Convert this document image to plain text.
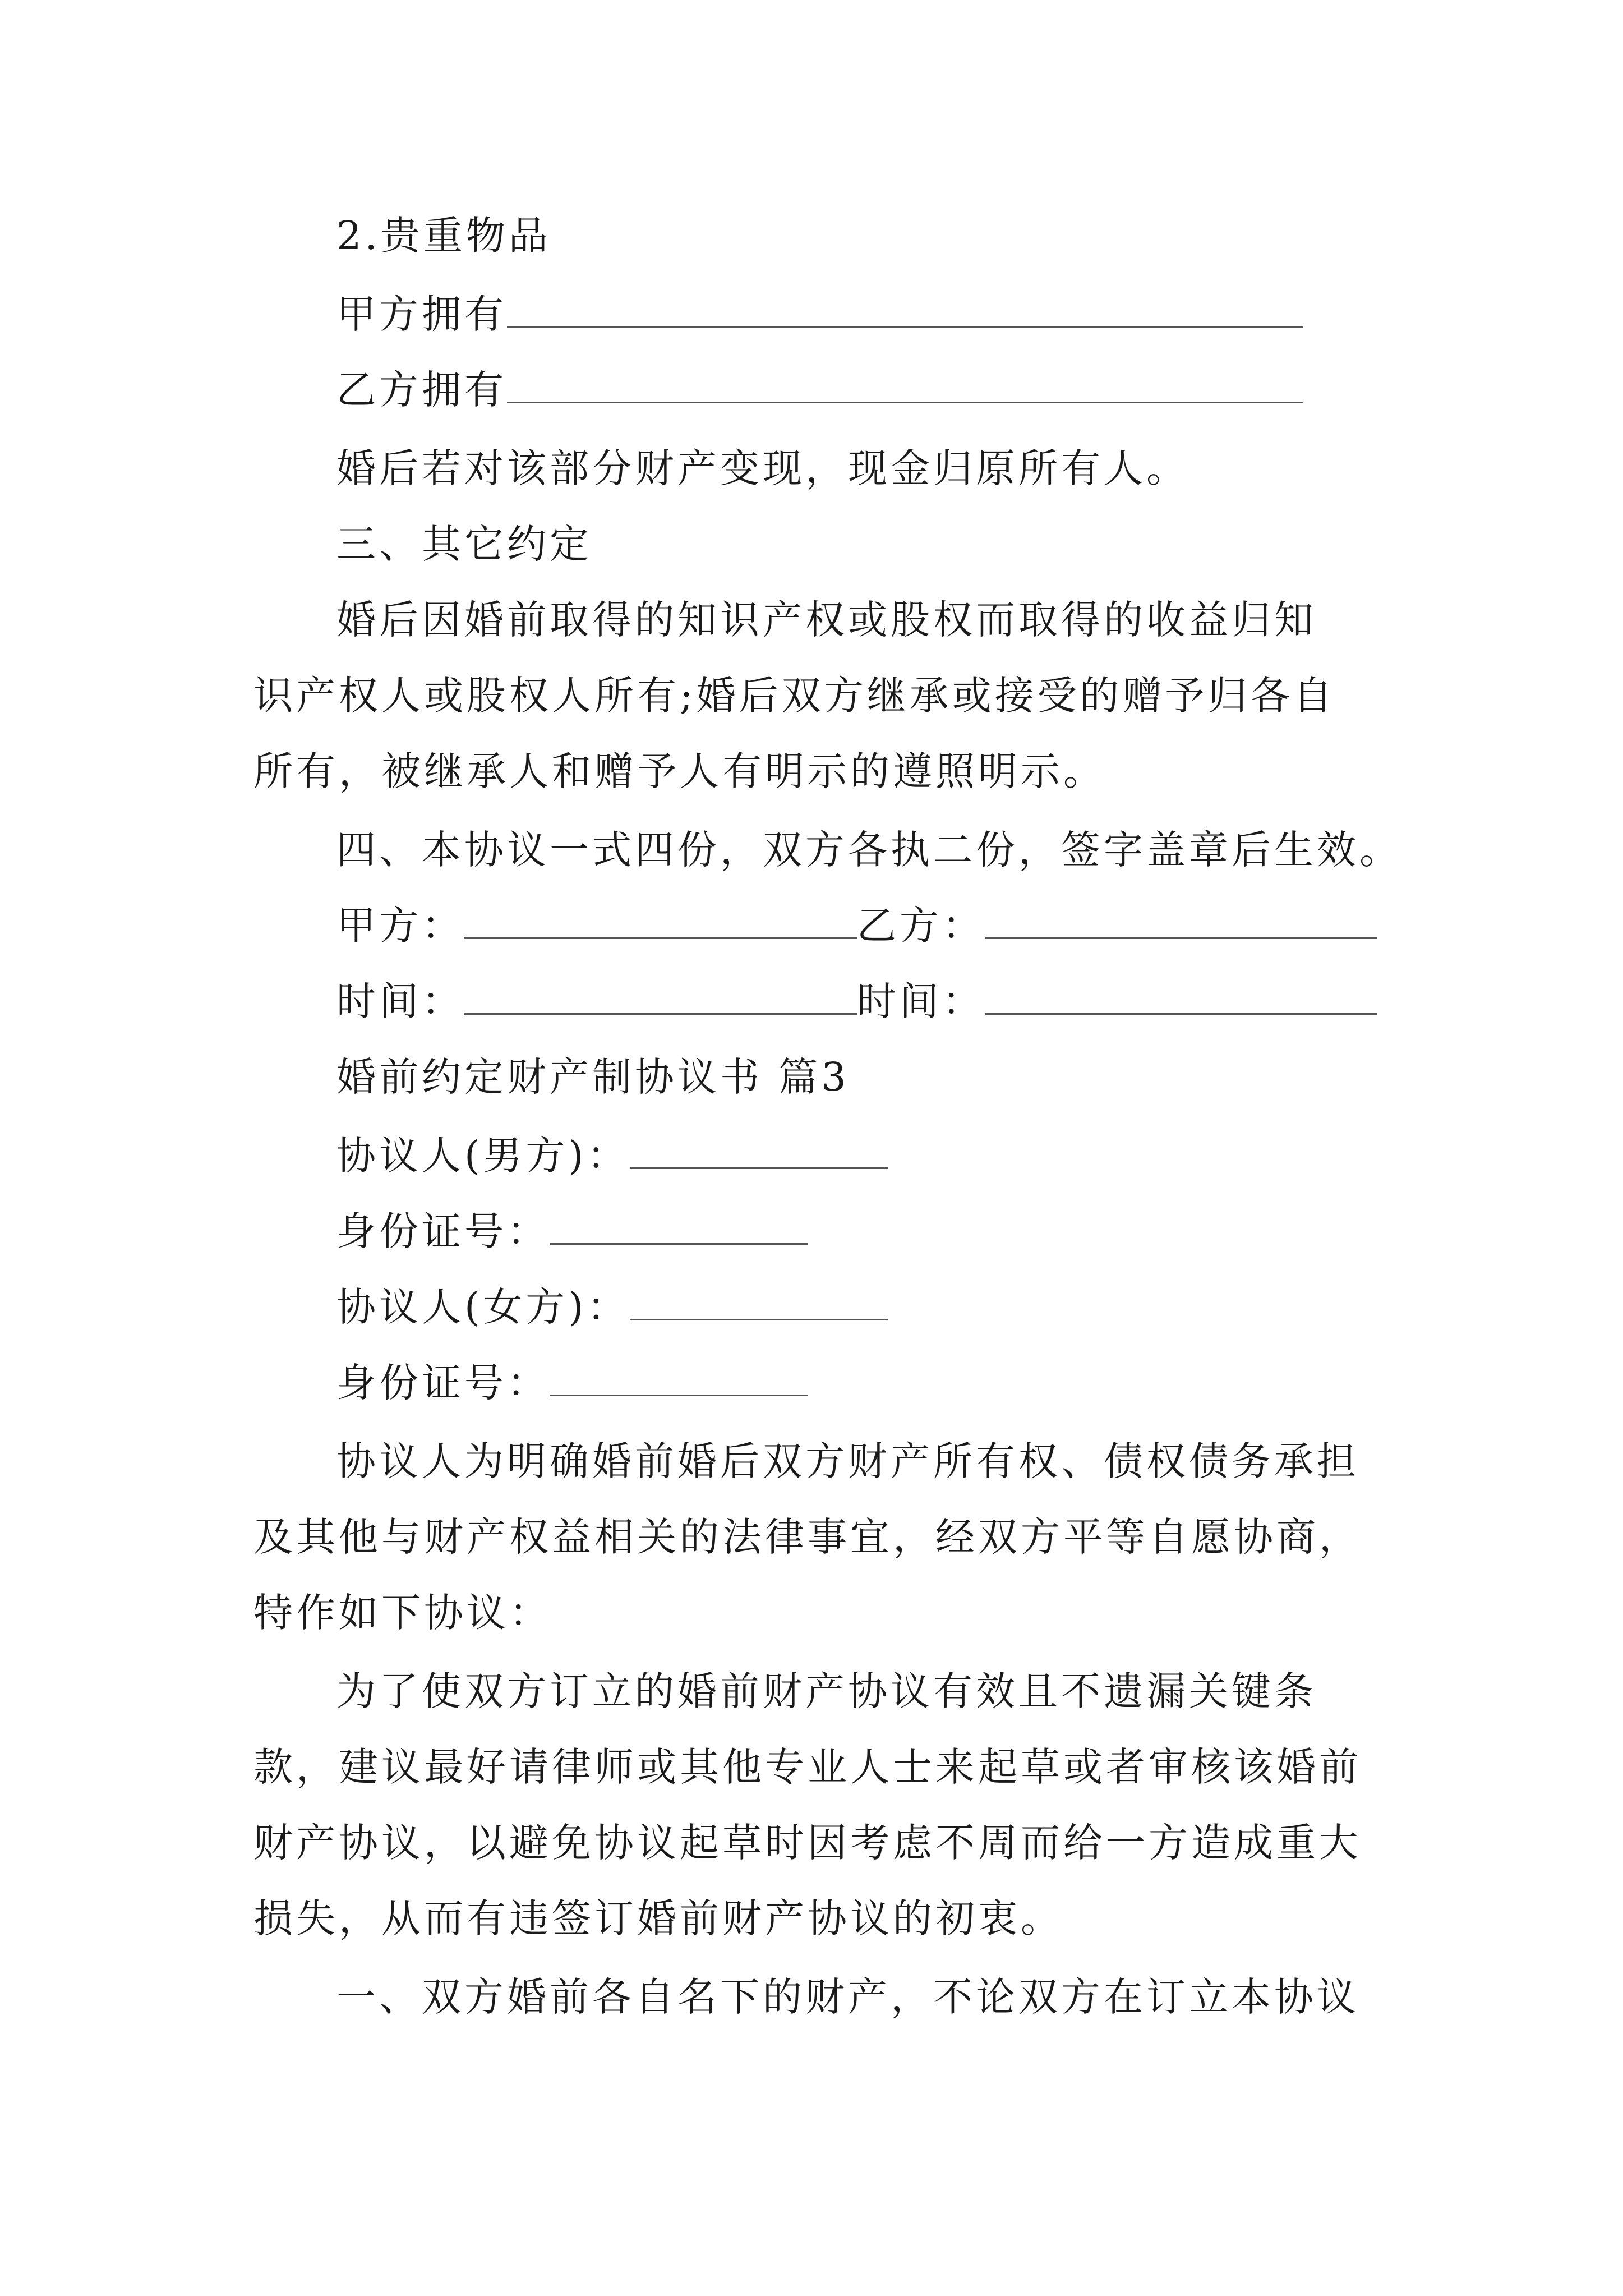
2.贵重物品
甲方拥有
乙方拥有
婚后若对该部分财产变现，现金归原所有人。
三、其它约定
婚后因婚前取得的知识产权或股权而取得的收益归知
识产权人或股权人所有;婚后双方继承或接受的赠予归各自
所有，被继承人和赠予人有明示的遵照明示。
四、本协议一式四份，双方各执二份，签字盖章后生效。
甲方：	乙方：
时间：	时间：
婚前约定财产制协议书 篇3
协议人(男方)：
身份证号：
协议人(女方)：
身份证号：
协议人为明确婚前婚后双方财产所有权、债权债务承担
及其他与财产权益相关的法律事宜，经双方平等自愿协商，
特作如下协议：
为了使双方订立的婚前财产协议有效且不遗漏关键条
款，建议最好请律师或其他专业人士来起草或者审核该婚前
财产协议，以避免协议起草时因考虑不周而给一方造成重大
损失，从而有违签订婚前财产协议的初衷。
一、双方婚前各自名下的财产，不论双方在订立本协议
